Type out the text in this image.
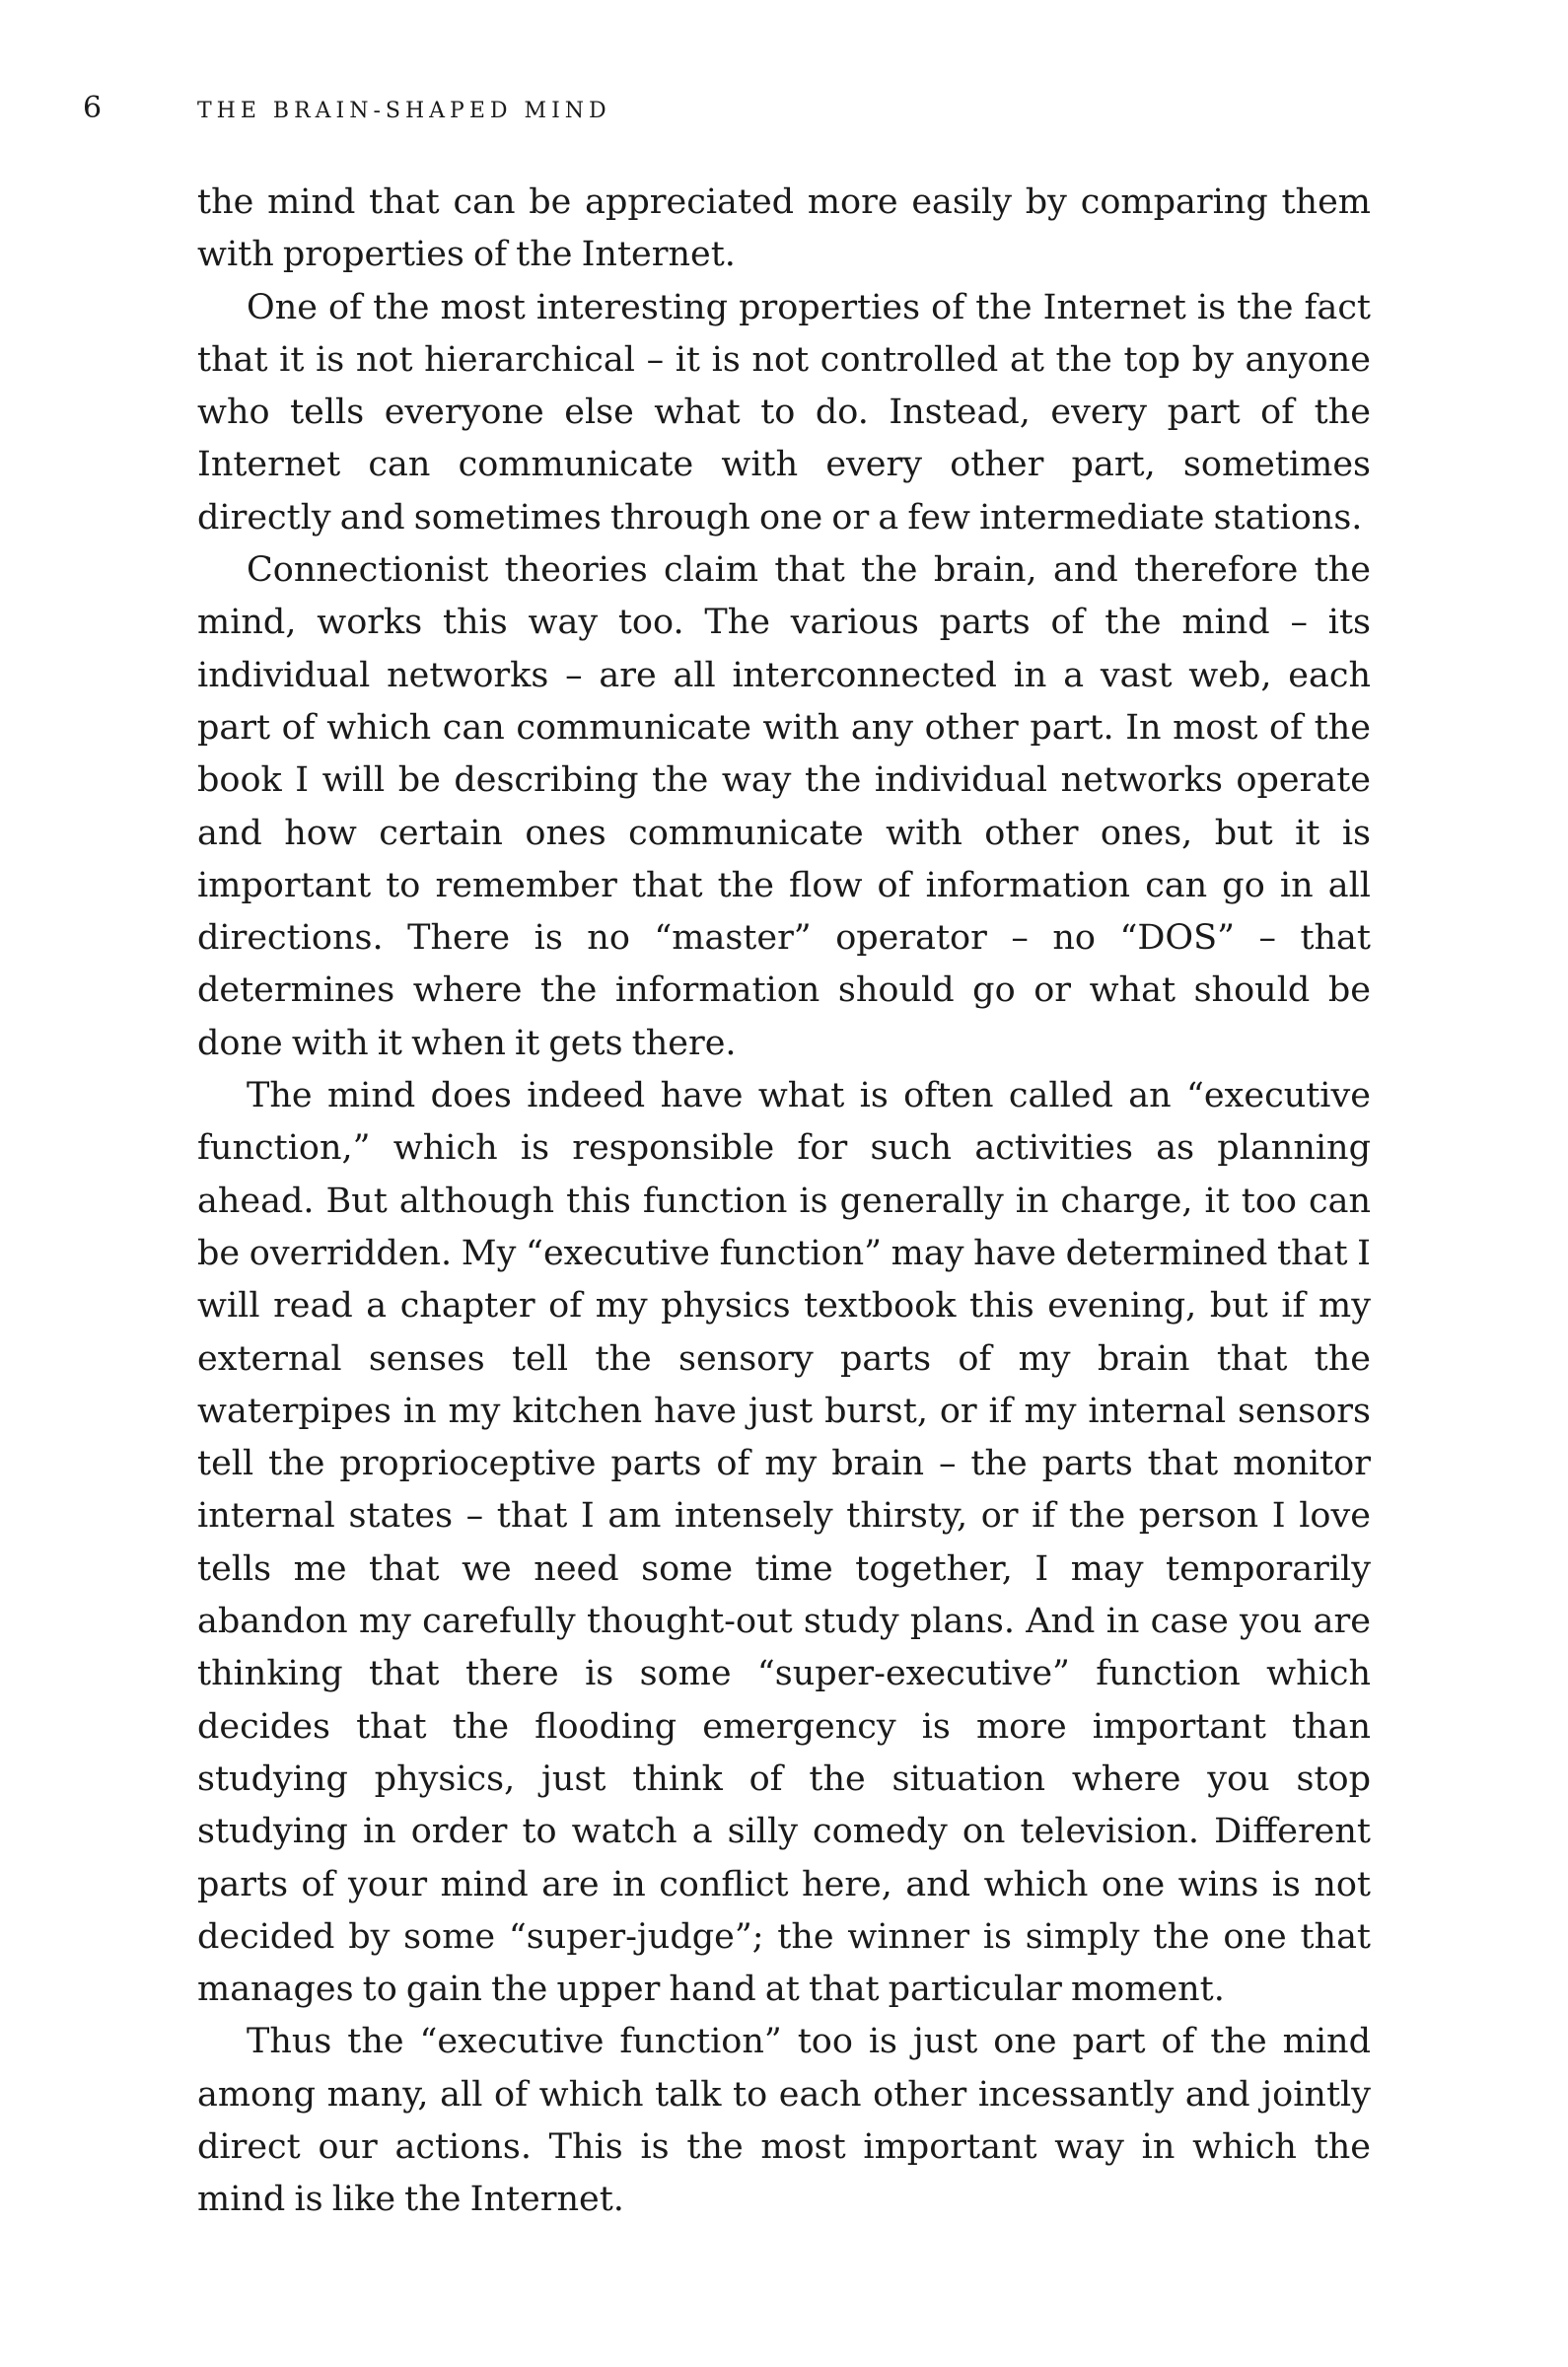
6	THE BRAIN-SHAPED MIND

the mind that can be appreciated more easily by comparing them with properties of the Internet.

One of the most interesting properties of the Internet is the fact that it is not hierarchical – it is not controlled at the top by anyone who tells everyone else what to do. Instead, every part of the Internet can communicate with every other part, sometimes directly and sometimes through one or a few intermediate stations.

Connectionist theories claim that the brain, and therefore the mind, works this way too. The various parts of the mind – its individual networks – are all interconnected in a vast web, each part of which can communicate with any other part. In most of the book I will be describing the way the individual networks operate and how certain ones communicate with other ones, but it is important to remember that the flow of information can go in all directions. There is no “master” operator – no “DOS” – that determines where the information should go or what should be done with it when it gets there.

The mind does indeed have what is often called an “executive function,” which is responsible for such activities as planning ahead. But although this function is generally in charge, it too can be overridden. My “executive function” may have determined that I will read a chapter of my physics textbook this evening, but if my external senses tell the sensory parts of my brain that the waterpipes in my kitchen have just burst, or if my internal sensors tell the proprioceptive parts of my brain – the parts that monitor internal states – that I am intensely thirsty, or if the person I love tells me that we need some time together, I may temporarily abandon my carefully thought-out study plans. And in case you are thinking that there is some “super-executive” function which decides that the flooding emergency is more important than studying physics, just think of the situation where you stop studying in order to watch a silly comedy on television. Different parts of your mind are in conflict here, and which one wins is not decided by some “super-judge”; the winner is simply the one that manages to gain the upper hand at that particular moment.

Thus the “executive function” too is just one part of the mind among many, all of which talk to each other incessantly and jointly direct our actions. This is the most important way in which the mind is like the Internet.
